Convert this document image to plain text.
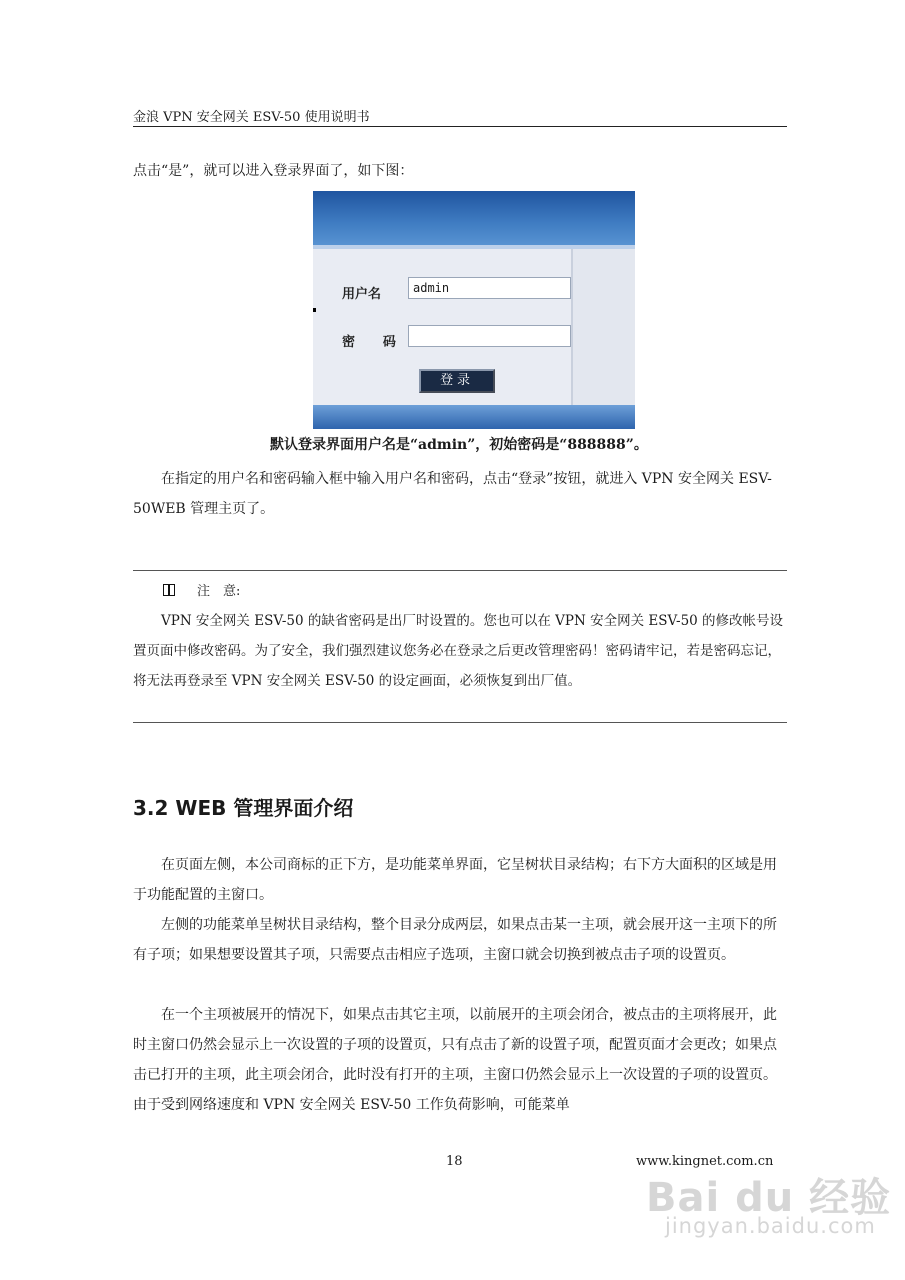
金浪 VPN 安全网关 ESV-50 使用说明书
点击“是”，就可以进入登录界面了，如下图：
用户名	admin
密 码
登录
默认登录界面用户名是“admin”，初始密码是“888888”。
在指定的用户名和密码输入框中输入用户名和密码，点击“登录”按钮，就进入 VPN 安全网关 ESV-50WEB 管理主页了。
注　意:
VPN 安全网关 ESV-50 的缺省密码是出厂时设置的。您也可以在 VPN 安全网关 ESV-50 的修改帐号设置页面中修改密码。为了安全，我们强烈建议您务必在登录之后更改管理密码！密码请牢记，若是密码忘记，将无法再登录至 VPN 安全网关 ESV-50 的设定画面，必须恢复到出厂值。
3.2 WEB 管理界面介绍
在页面左侧，本公司商标的正下方，是功能菜单界面，它呈树状目录结构；右下方大面积的区域是用于功能配置的主窗口。
左侧的功能菜单呈树状目录结构，整个目录分成两层，如果点击某一主项，就会展开这一主项下的所有子项；如果想要设置其子项，只需要点击相应子选项，主窗口就会切换到被点击子项的设置页。
在一个主项被展开的情况下，如果点击其它主项，以前展开的主项会闭合，被点击的主项将展开，此时主窗口仍然会显示上一次设置的子项的设置页，只有点击了新的设置子项，配置页面才会更改；如果点击已打开的主项，此主项会闭合，此时没有打开的主项，主窗口仍然会显示上一次设置的子项的设置页。由于受到网络速度和 VPN 安全网关 ESV-50 工作负荷影响，可能菜单
18	www.kingnet.com.cn
Bai du 经验
jingyan.baidu.com
